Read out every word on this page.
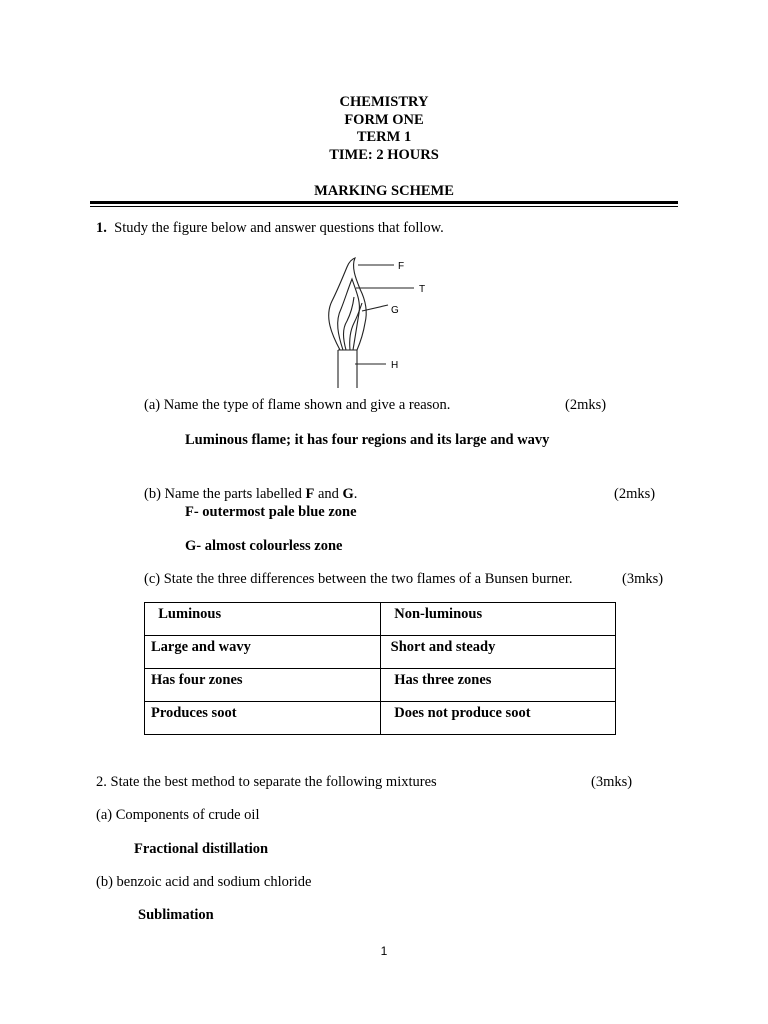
CHEMISTRY
FORM ONE
TERM 1
TIME: 2 HOURS
MARKING SCHEME
1. Study the figure below and answer questions that follow.
F
T
G
H
(a) Name the type of flame shown and give a reason.	(2mks)
Luminous flame; it has four regions and its large and wavy
(b) Name the parts labelled F and G.	(2mks)
F- outermost pale blue zone
G- almost colourless zone
(c) State the three differences between the two flames of a Bunsen burner.	(3mks)
Luminous	Non-luminous
Large and wavy	Short and steady
Has four zones	Has three zones
Produces soot	Does not produce soot
2. State the best method to separate the following mixtures	(3mks)
(a) Components of crude oil
Fractional distillation
(b) benzoic acid and sodium chloride
Sublimation
1
